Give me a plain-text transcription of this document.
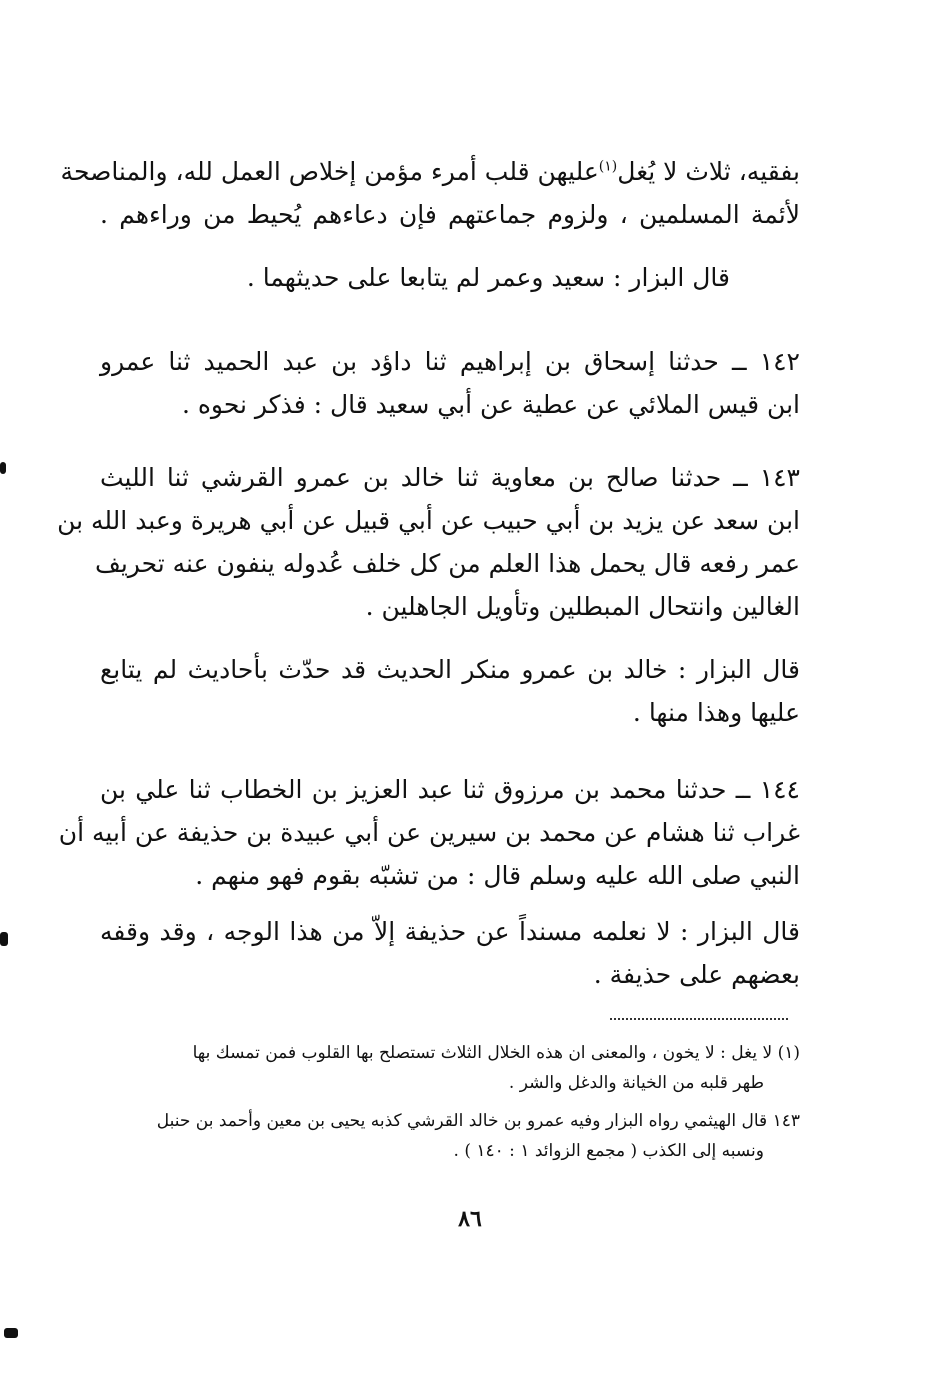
بفقيه، ثلاث لا يُغل$^{(١)}$عليهن قلب أمرء مؤمن إخلاص العمل لله، والمناصحة
لأئمة المسلمين ، ولزوم جماعتهم فإن دعاءهم يُحيط من وراءهم .
قال البزار : سعيد وعمر لم يتابعا على حديثهما .
١٤٢ ــ حدثنا إسحاق بن إبراهيم ثنا داؤد بن عبد الحميد ثنا عمرو
ابن قيس الملائي عن عطية عن أبي سعيد قال : فذكر نحوه .
١٤٣ ــ حدثنا صالح بن معاوية ثنا خالد بن عمرو القرشي ثنا الليث
ابن سعد عن يزيد بن أبي حبيب عن أبي قبيل عن أبي هريرة وعبد الله بن
عمر رفعه قال يحمل هذا العلم من كل خلف عُدوله ينفون عنه تحريف
الغالين وانتحال المبطلين وتأويل الجاهلين .
قال البزار : خالد بن عمرو منكر الحديث قد حدّث بأحاديث لم يتابع
عليها وهذا منها .
١٤٤ ــ حدثنا محمد بن مرزوق ثنا عبد العزيز بن الخطاب ثنا علي بن
غراب ثنا هشام عن محمد بن سيرين عن أبي عبيدة بن حذيفة عن أبيه أن
النبي صلى الله عليه وسلم قال : من تشبّه بقوم فهو منهم .
قال البزار : لا نعلمه مسنداً عن حذيفة إلاّ من هذا الوجه ، وقد وقفه
بعضهم على حذيفة .
(١) لا يغل : لا يخون ، والمعنى ان هذه الخلال الثلاث تستصلح بها القلوب فمن تمسك بها
طهر قلبه من الخيانة والدغل والشر .
١٤٣ قال الهيثمي رواه البزار وفيه عمرو بن خالد القرشي كذبه يحيى بن معين وأحمد بن حنبل
ونسبه إلى الكذب ( مجمع الزوائد ١ : ١٤٠ ) .
٨٦
